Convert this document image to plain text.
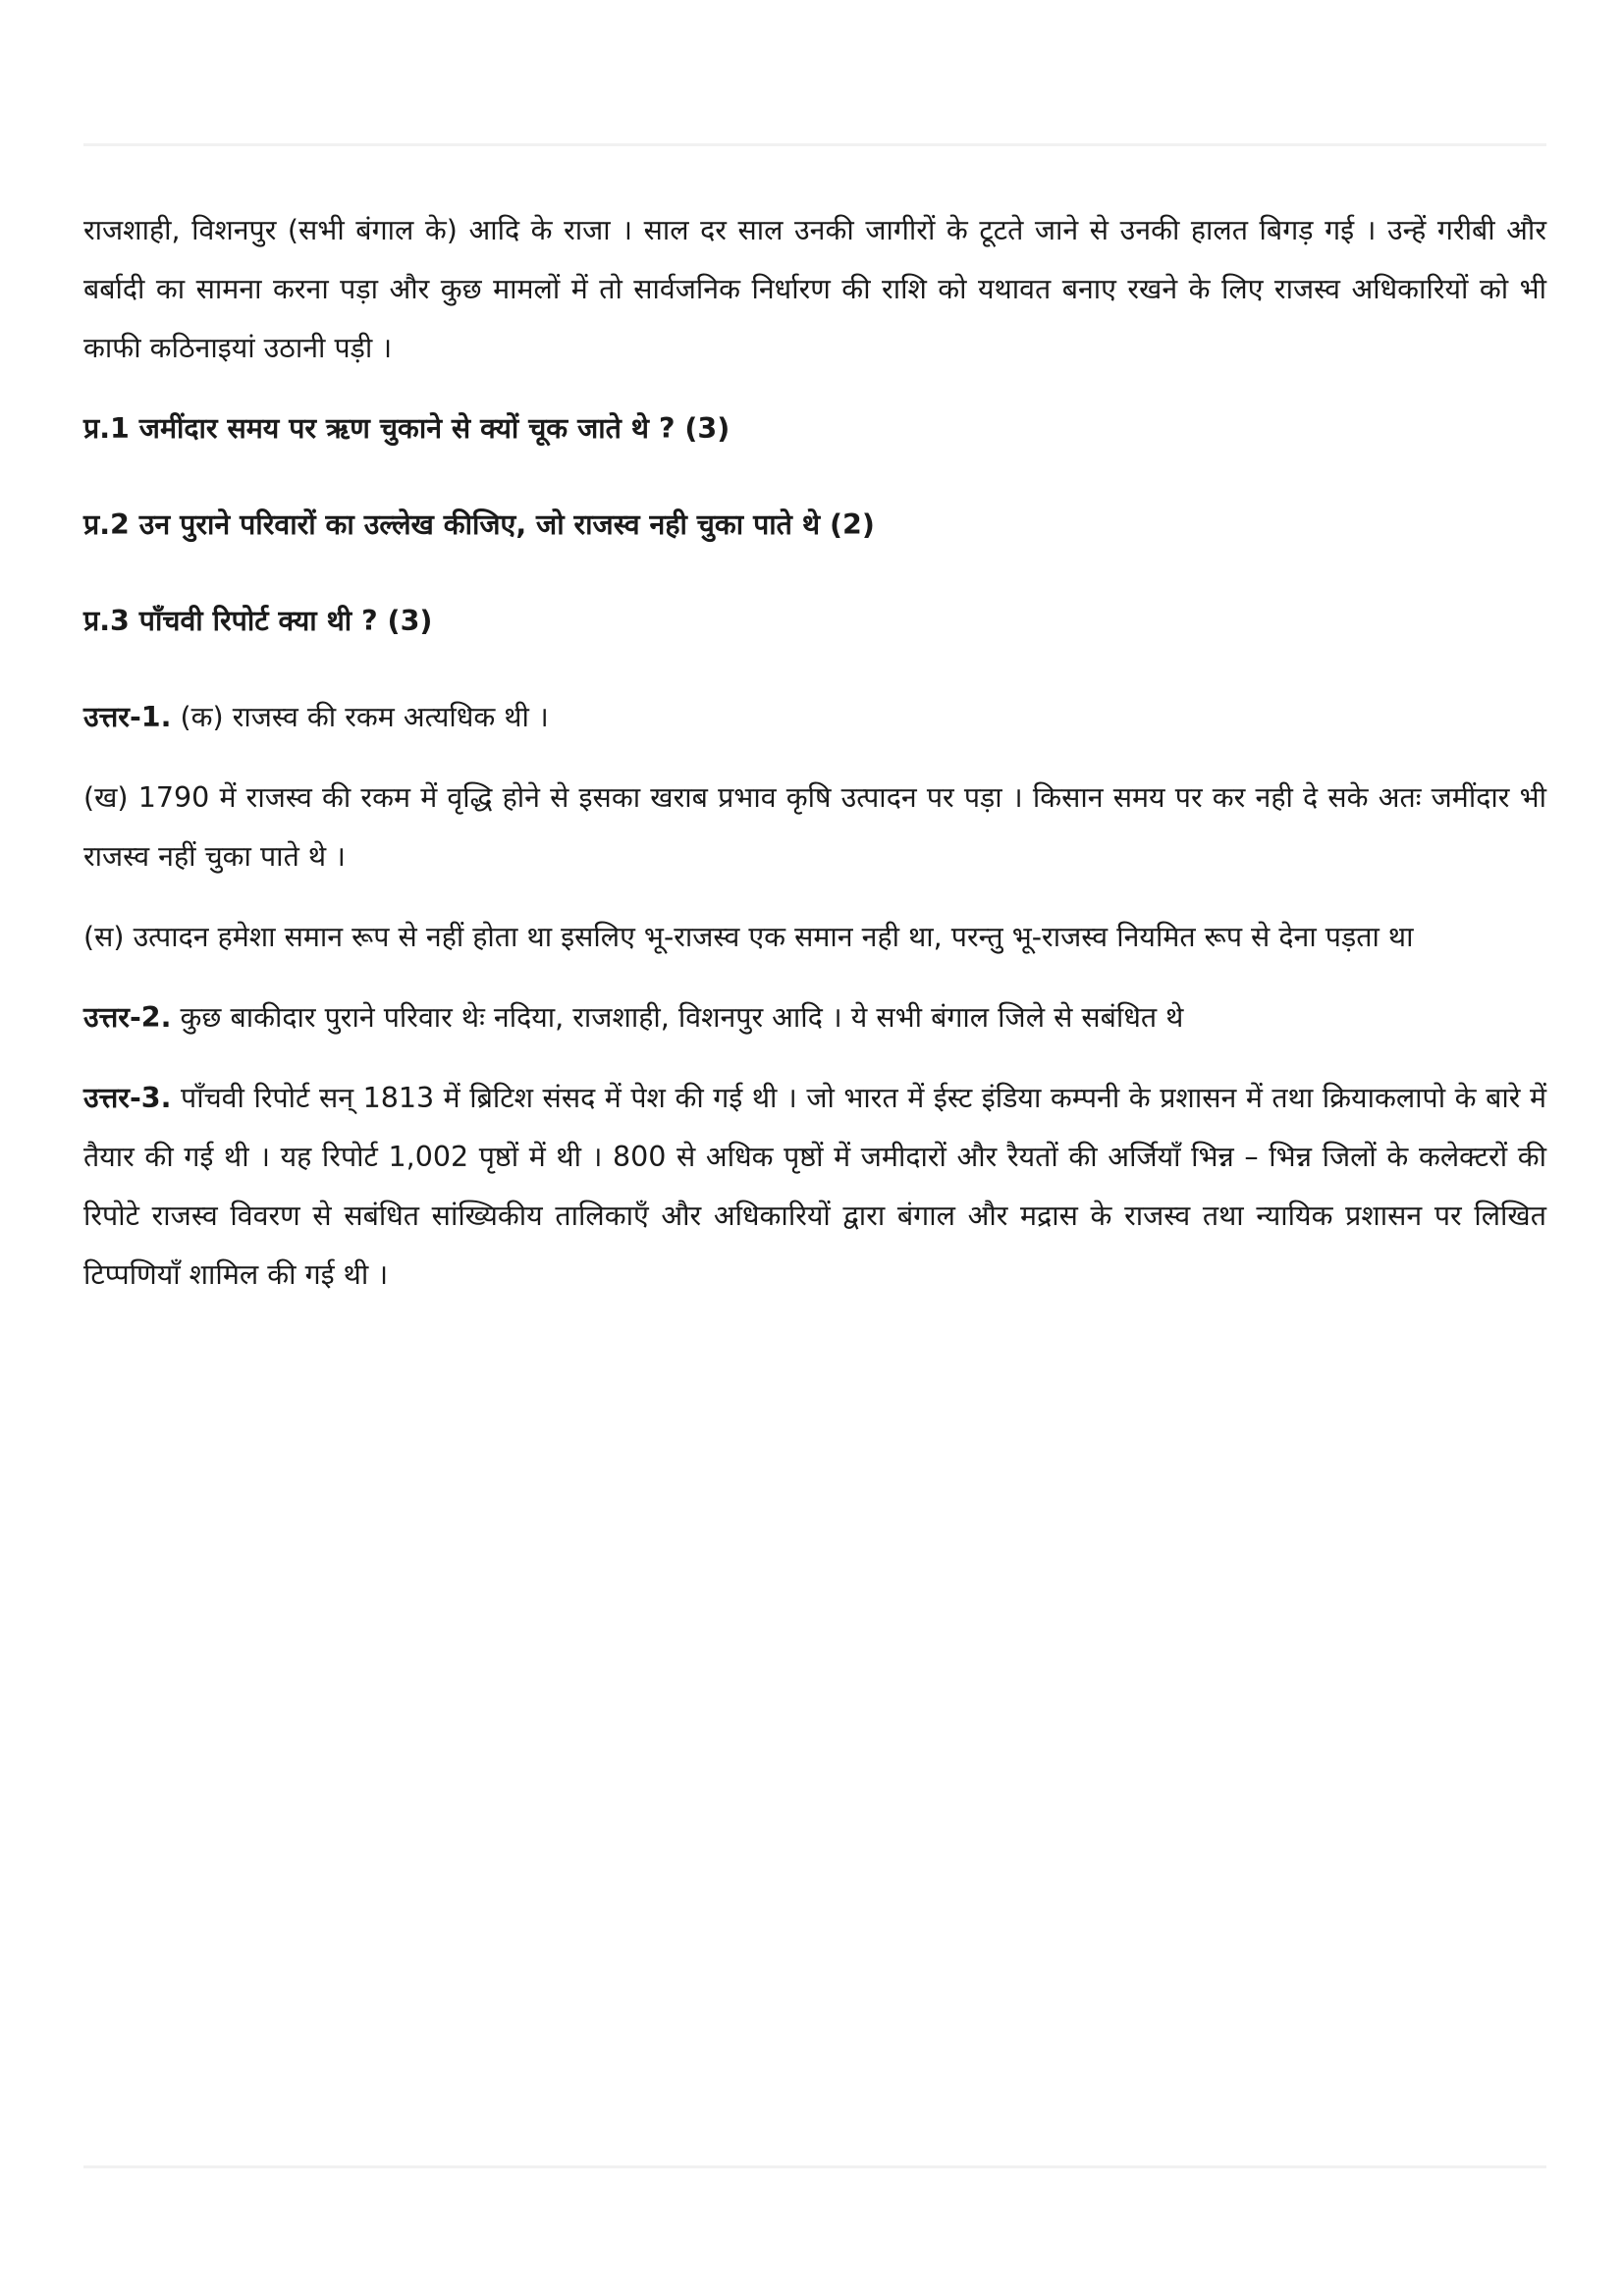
राजशाही, विशनपुर (सभी बंगाल के) आदि के राजा । साल दर साल उनकी जागीरों के टूटते जाने से उनकी हालत बिगड़ गई । उन्हें गरीबी और बर्बादी का सामना करना पड़ा और कुछ मामलों में तो सार्वजनिक निर्धारण की राशि को यथावत बनाए रखने के लिए राजस्व अधिकारियों को भी काफी कठिनाइयां उठानी पड़ी ।

प्र.1 जमींदार समय पर ऋण चुकाने से क्यों चूक जाते थे ? (3)

प्र.2 उन पुराने परिवारों का उल्लेख कीजिए, जो राजस्व नही चुका पाते थे (2)

प्र.3 पाँचवी रिपोर्ट क्या थी ? (3)

उत्तर-1. (क) राजस्व की रकम अत्यधिक थी ।

(ख) 1790 में राजस्व की रकम में वृद्धि होने से इसका खराब प्रभाव कृषि उत्पादन पर पड़ा । किसान समय पर कर नही दे सके अतः जमींदार भी राजस्व नहीं चुका पाते थे ।

(स) उत्पादन हमेशा समान रूप से नहीं होता था इसलिए भू-राजस्व एक समान नही था, परन्तु भू-राजस्व नियमित रूप से देना पड़ता था

उत्तर-2. कुछ बाकीदार पुराने परिवार थेः नदिया, राजशाही, विशनपुर आदि । ये सभी बंगाल जिले से सबंधित थे

उत्तर-3. पाँचवी रिपोर्ट सन् 1813 में ब्रिटिश संसद में पेश की गई थी । जो भारत में ईस्ट इंडिया कम्पनी के प्रशासन में तथा क्रियाकलापो के बारे में तैयार की गई थी । यह रिपोर्ट 1,002 पृष्ठों में थी । 800 से अधिक पृष्ठों में जमीदारों और रैयतों की अर्जियाँ भिन्न – भिन्न जिलों के कलेक्टरों की रिपोटे राजस्व विवरण से सबंधित सांख्यिकीय तालिकाएँ और अधिकारियों द्वारा बंगाल और मद्रास के राजस्व तथा न्यायिक प्रशासन पर लिखित टिप्पणियाँ शामिल की गई थी ।
